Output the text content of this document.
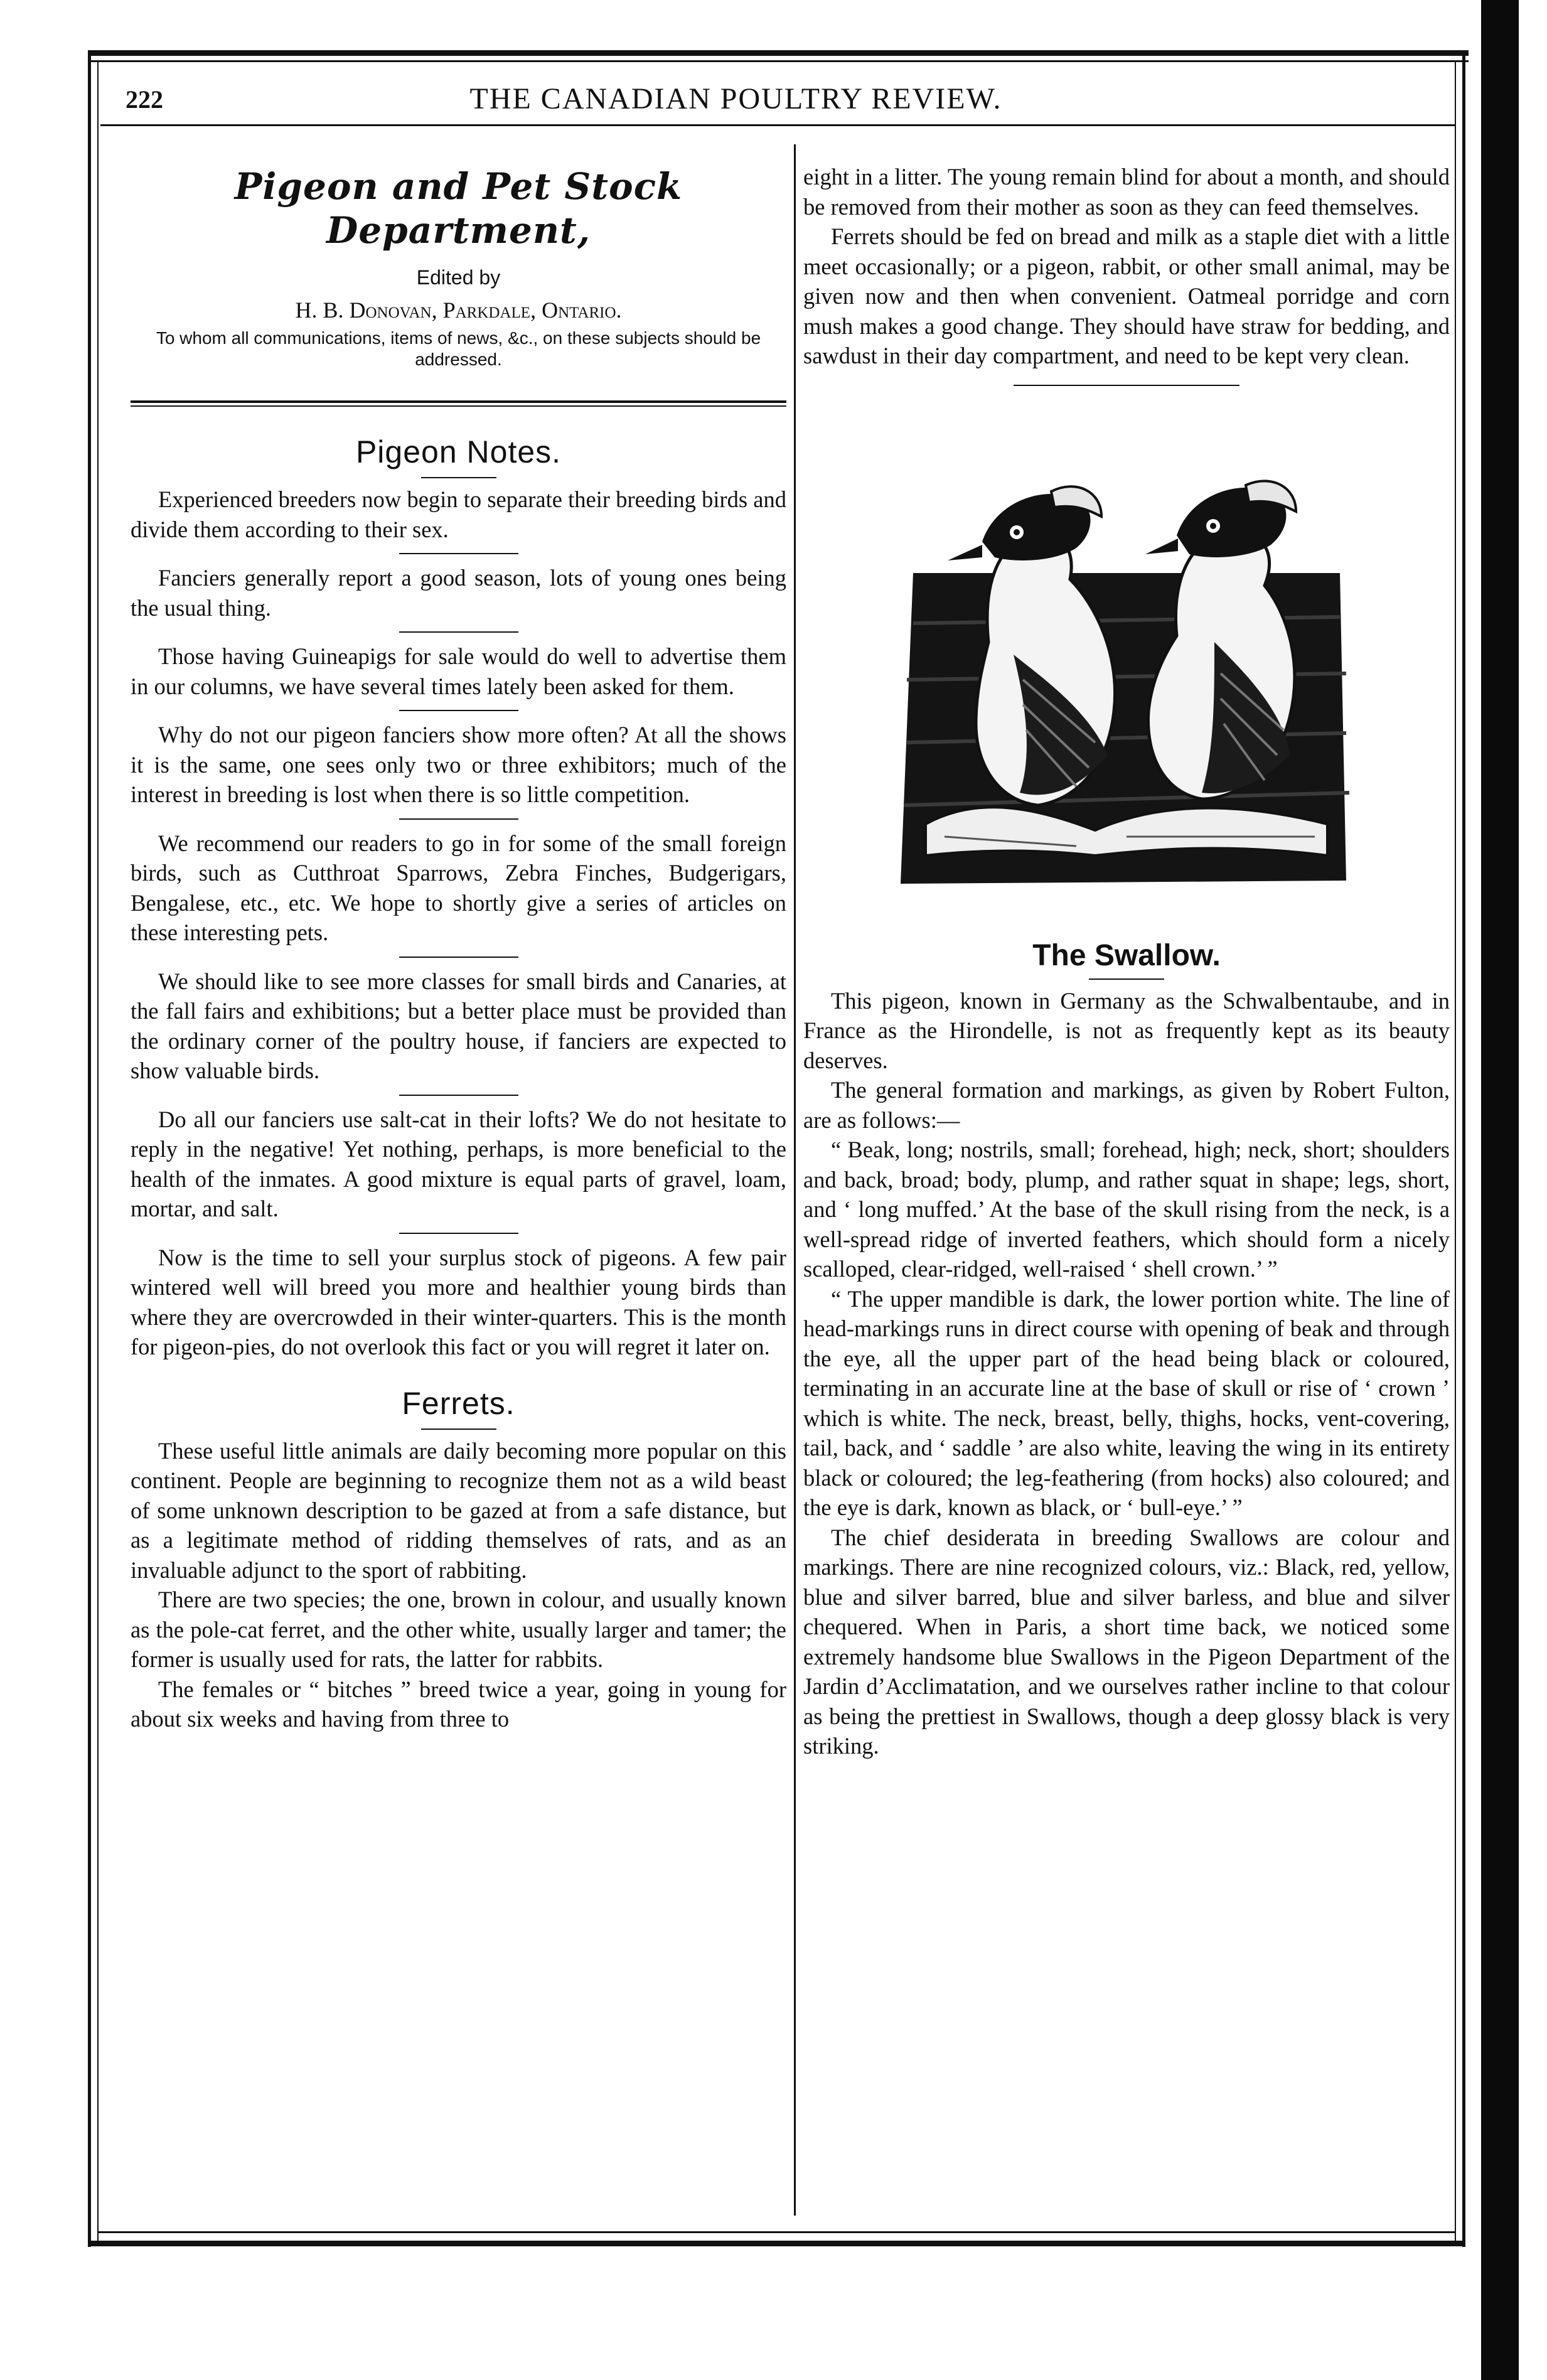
222	THE CANADIAN POULTRY REVIEW.
Pigeon and Pet Stock Department,
Edited by
H. B. Donovan, Parkdale, Ontario.
To whom all communications, items of news, &c., on these subjects should be addressed.
Pigeon Notes.

Experienced breeders now begin to separate their breeding birds and divide them according to their sex.

Fanciers generally report a good season, lots of young ones being the usual thing.

Those having Guineapigs for sale would do well to advertise them in our columns, we have several times lately been asked for them.

Why do not our pigeon fanciers show more often? At all the shows it is the same, one sees only two or three exhibitors; much of the interest in breeding is lost when there is so little competition.

We recommend our readers to go in for some of the small foreign birds, such as Cutthroat Sparrows, Zebra Finches, Budgerigars, Bengalese, etc., etc. We hope to shortly give a series of articles on these interesting pets.

We should like to see more classes for small birds and Canaries, at the fall fairs and exhibitions; but a better place must be provided than the ordinary corner of the poultry house, if fanciers are expected to show valuable birds.

Do all our fanciers use salt-cat in their lofts? We do not hesitate to reply in the negative! Yet nothing, perhaps, is more beneficial to the health of the inmates. A good mixture is equal parts of gravel, loam, mortar, and salt.

Now is the time to sell your surplus stock of pigeons. A few pair wintered well will breed you more and healthier young birds than where they are overcrowded in their winter-quarters. This is the month for pigeon-pies, do not overlook this fact or you will regret it later on.

Ferrets.

These useful little animals are daily becoming more popular on this continent. People are beginning to recognize them not as a wild beast of some unknown description to be gazed at from a safe distance, but as a legitimate method of ridding themselves of rats, and as an invaluable adjunct to the sport of rabbiting.

There are two species; the one, brown in colour, and usually known as the pole-cat ferret, and the other white, usually larger and tamer; the former is usually used for rats, the latter for rabbits.

The females or “ bitches ” breed twice a year, going in young for about six weeks and having from three to

eight in a litter. The young remain blind for about a month, and should be removed from their mother as soon as they can feed themselves.

Ferrets should be fed on bread and milk as a staple diet with a little meet occasionally; or a pigeon, rabbit, or other small animal, may be given now and then when convenient. Oatmeal porridge and corn mush makes a good change. They should have straw for bedding, and sawdust in their day compartment, and need to be kept very clean.

The Swallow.

This pigeon, known in Germany as the Schwalbentaube, and in France as the Hirondelle, is not as frequently kept as its beauty deserves.

The general formation and markings, as given by Robert Fulton, are as follows:—

“ Beak, long; nostrils, small; forehead, high; neck, short; shoulders and back, broad; body, plump, and rather squat in shape; legs, short, and ‘ long muffed.’ At the base of the skull rising from the neck, is a well-spread ridge of inverted feathers, which should form a nicely scalloped, clear-ridged, well-raised ‘ shell crown.’ ”

“ The upper mandible is dark, the lower portion white. The line of head-markings runs in direct course with opening of beak and through the eye, all the upper part of the head being black or coloured, terminating in an accurate line at the base of skull or rise of ‘ crown ’ which is white. The neck, breast, belly, thighs, hocks, vent-covering, tail, back, and ‘ saddle ’ are also white, leaving the wing in its entirety black or coloured; the leg-feathering (from hocks) also coloured; and the eye is dark, known as black, or ‘ bull-eye.’ ”

The chief desiderata in breeding Swallows are colour and markings. There are nine recognized colours, viz.: Black, red, yellow, blue and silver barred, blue and silver barless, and blue and silver chequered. When in Paris, a short time back, we noticed some extremely handsome blue Swallows in the Pigeon Department of the Jardin d’Acclimatation, and we ourselves rather incline to that colour as being the prettiest in Swallows, though a deep glossy black is very striking.
